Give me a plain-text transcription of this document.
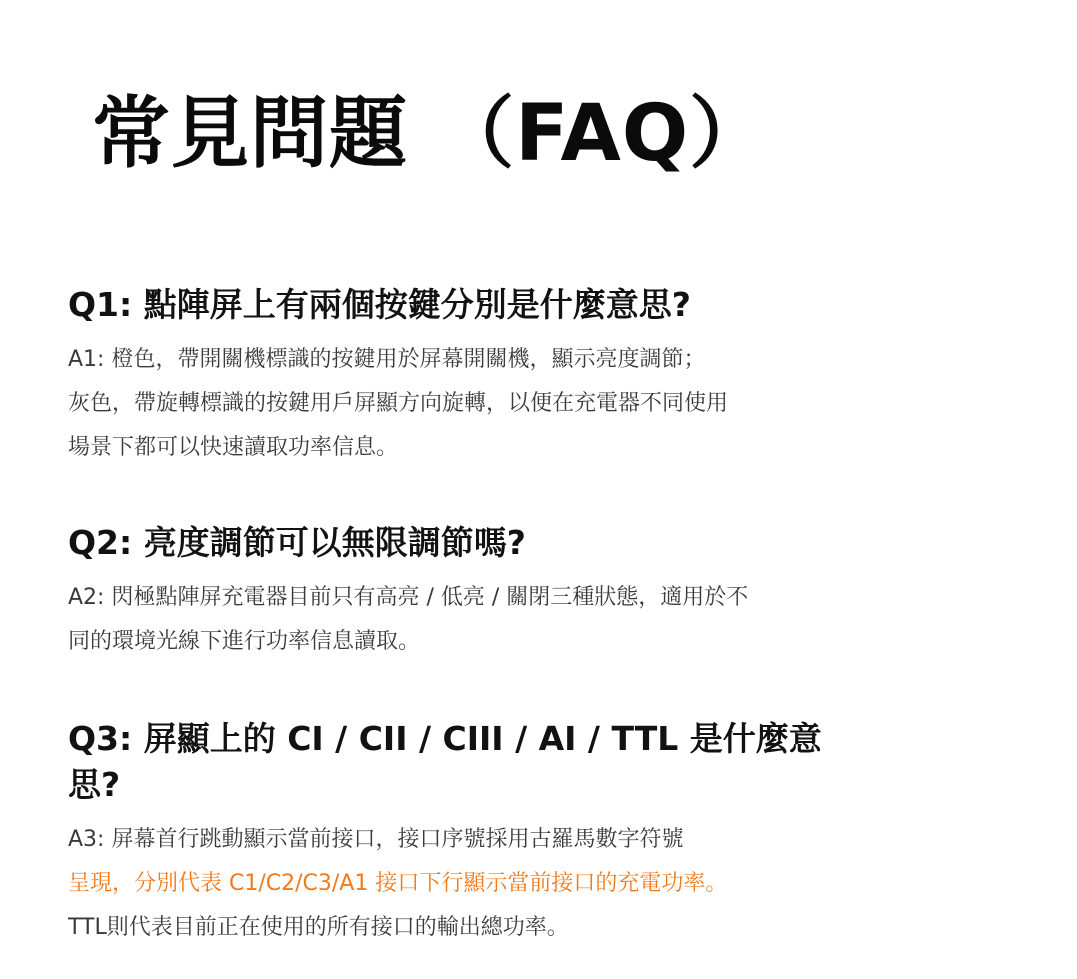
常見問題 （FAQ）
Q1: 點陣屏上有兩個按鍵分別是什麼意思?

A1: 橙色，帶開關機標識的按鍵用於屏幕開關機，顯示亮度調節；
灰色，帶旋轉標識的按鍵用戶屏顯方向旋轉，以便在充電器不同使用
場景下都可以快速讀取功率信息。

Q2: 亮度調節可以無限調節嗎?

A2: 閃極點陣屏充電器目前只有高亮 / 低亮 / 關閉三種狀態，適用於不
同的環境光線下進行功率信息讀取。

Q3: 屏顯上的 CI / CII / CIII / AI / TTL 是什麼意思?

A3: 屏幕首行跳動顯示當前接口，接口序號採用古羅馬數字符號
呈現，分別代表 C1/C2/C3/A1 接口下行顯示當前接口的充電功率。
TTL則代表目前正在使用的所有接口的輸出總功率。
